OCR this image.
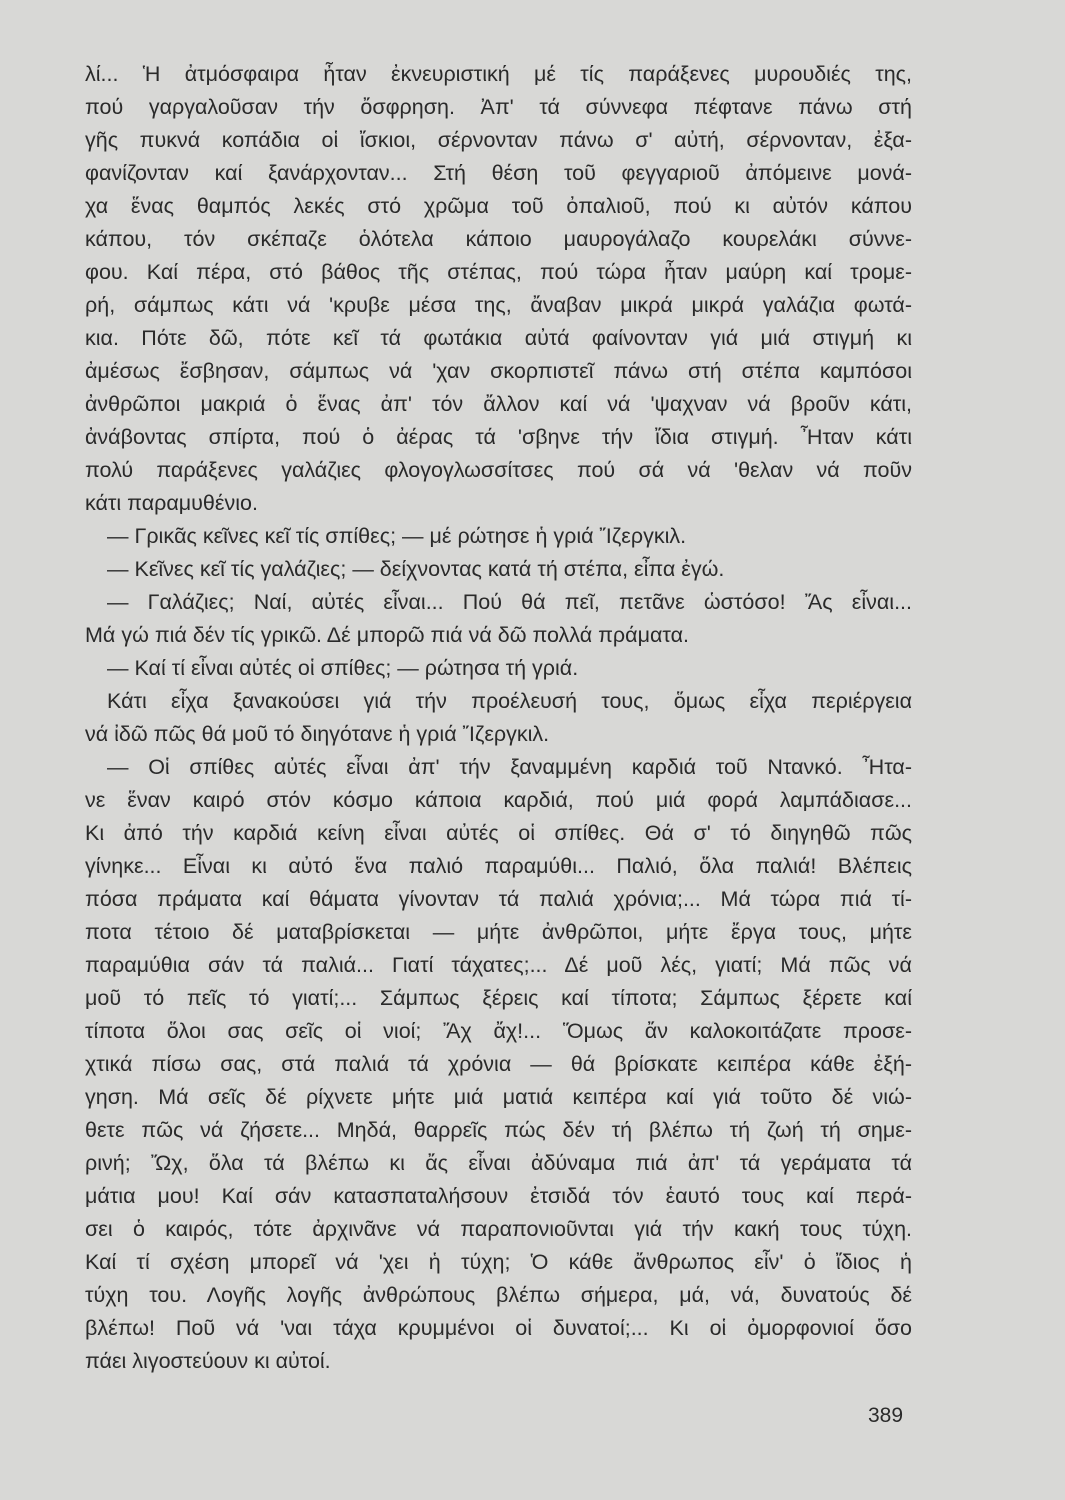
λί... Ἡ ἀτμόσφαιρα ἦταν ἐκνευριστική μέ τίς παράξενες μυρουδιές της,
πού γαργαλοῦσαν τήν ὄσφρηση. Ἀπ' τά σύννεφα πέφτανε πάνω στή
γῆς πυκνά κοπάδια οἱ ἴσκιοι, σέρνονταν πάνω σ' αὐτή, σέρνονταν, ἐξα-
φανίζονταν καί ξανάρχονταν... Στή θέση τοῦ φεγγαριοῦ ἀπόμεινε μονά-
χα ἕνας θαμπός λεκές στό χρῶμα τοῦ ὀπαλιοῦ, πού κι αὐτόν κάπου
κάπου, τόν σκέπαζε ὁλότελα κάποιο μαυρογάλαζο κουρελάκι σύννε-
φου. Καί πέρα, στό βάθος τῆς στέπας, πού τώρα ἦταν μαύρη καί τρομε-
ρή, σάμπως κάτι νά 'κρυβε μέσα της, ἄναβαν μικρά μικρά γαλάζια φωτά-
κια. Πότε δῶ, πότε κεῖ τά φωτάκια αὐτά φαίνονταν γιά μιά στιγμή κι
ἀμέσως ἔσβησαν, σάμπως νά 'χαν σκορπιστεῖ πάνω στή στέπα καμπόσοι
ἀνθρῶποι μακριά ὁ ἕνας ἀπ' τόν ἄλλον καί νά 'ψαχναν νά βροῦν κάτι,
ἀνάβοντας σπίρτα, πού ὁ ἀέρας τά 'σβηνε τήν ἴδια στιγμή. Ἦταν κάτι
πολύ παράξενες γαλάζιες φλογογλωσσίτσες πού σά νά 'θελαν νά ποῦν
κάτι παραμυθένιο.
— Γρικᾶς κεῖνες κεῖ τίς σπίθες; — μέ ρώτησε ἡ γριά Ἴζεργκιλ.
— Κεῖνες κεῖ τίς γαλάζιες; — δείχνοντας κατά τή στέπα, εἶπα ἐγώ.
— Γαλάζιες; Ναί, αὐτές εἶναι... Πού θά πεῖ, πετᾶνε ὡστόσο! Ἄς εἶναι...
Μά γώ πιά δέν τίς γρικῶ. Δέ μπορῶ πιά νά δῶ πολλά πράματα.
— Καί τί εἶναι αὐτές οἱ σπίθες; — ρώτησα τή γριά.
Κάτι εἶχα ξανακούσει γιά τήν προέλευσή τους, ὅμως εἶχα περιέργεια
νά ἰδῶ πῶς θά μοῦ τό διηγότανε ἡ γριά Ἴζεργκιλ.
— Οἱ σπίθες αὐτές εἶναι ἀπ' τήν ξαναμμένη καρδιά τοῦ Ντανκό. Ἦτα-
νε ἕναν καιρό στόν κόσμο κάποια καρδιά, πού μιά φορά λαμπάδιασε...
Κι ἀπό τήν καρδιά κείνη εἶναι αὐτές οἱ σπίθες. Θά σ' τό διηγηθῶ πῶς
γίνηκε... Εἶναι κι αὐτό ἕνα παλιό παραμύθι... Παλιό, ὅλα παλιά! Βλέπεις
πόσα πράματα καί θάματα γίνονταν τά παλιά χρόνια;... Μά τώρα πιά τί-
ποτα τέτοιο δέ ματαβρίσκεται — μήτε ἀνθρῶποι, μήτε ἔργα τους, μήτε
παραμύθια σάν τά παλιά... Γιατί τάχατες;... Δέ μοῦ λές, γιατί; Μά πῶς νά
μοῦ τό πεῖς τό γιατί;... Σάμπως ξέρεις καί τίποτα; Σάμπως ξέρετε καί
τίποτα ὅλοι σας σεῖς οἱ νιοί; Ἄχ ἄχ!... Ὅμως ἄν καλοκοιτάζατε προσε-
χτικά πίσω σας, στά παλιά τά χρόνια — θά βρίσκατε κειπέρα κάθε ἐξή-
γηση. Μά σεῖς δέ ρίχνετε μήτε μιά ματιά κειπέρα καί γιά τοῦτο δέ νιώ-
θετε πῶς νά ζήσετε... Μηδά, θαρρεῖς πώς δέν τή βλέπω τή ζωή τή σημε-
ρινή; Ὤχ, ὅλα τά βλέπω κι ἄς εἶναι ἀδύναμα πιά ἀπ' τά γεράματα τά
μάτια μου! Καί σάν κατασπαταλήσουν ἐτσιδά τόν ἑαυτό τους καί περά-
σει ὁ καιρός, τότε ἀρχινᾶνε νά παραπονιοῦνται γιά τήν κακή τους τύχη.
Καί τί σχέση μπορεῖ νά 'χει ἡ τύχη; Ὁ κάθε ἄνθρωπος εἶν' ὁ ἴδιος ἡ
τύχη του. Λογῆς λογῆς ἀνθρώπους βλέπω σήμερα, μά, νά, δυνατούς δέ
βλέπω! Ποῦ νά 'ναι τάχα κρυμμένοι οἱ δυνατοί;... Κι οἱ ὀμορφονιοί ὅσο
πάει λιγοστεύουν κι αὐτοί.
389
